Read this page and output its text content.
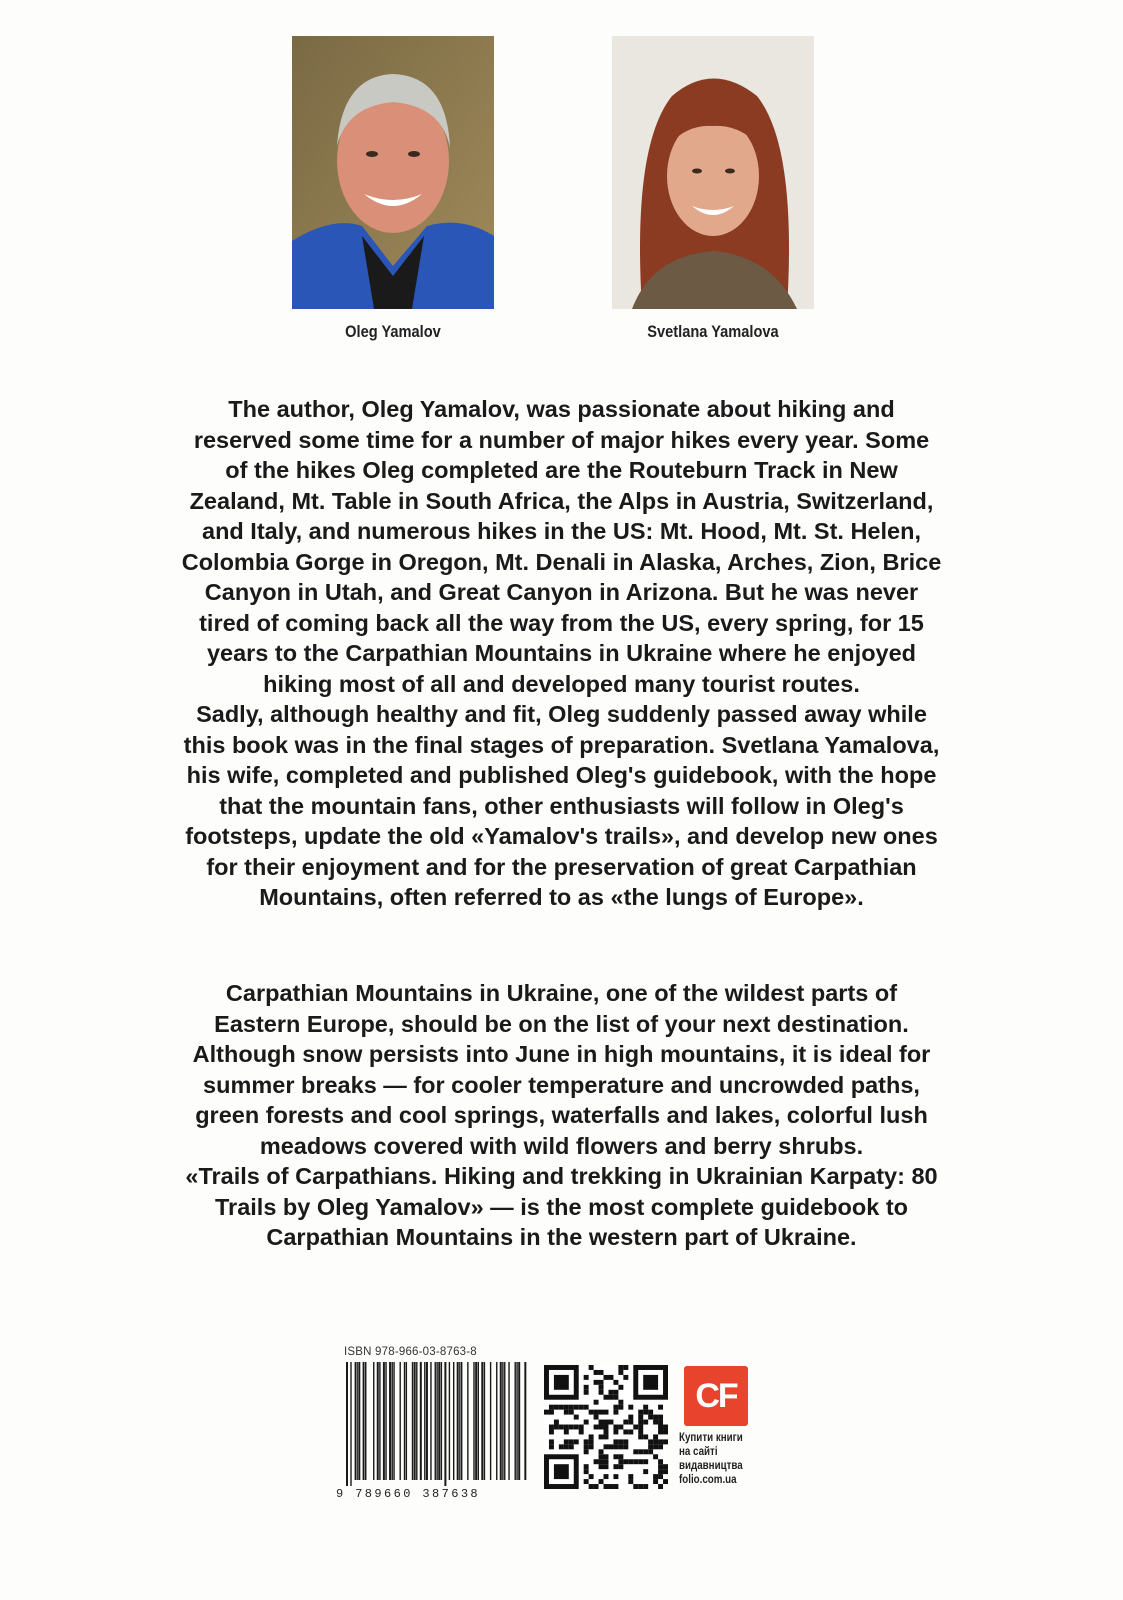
Oleg Yamalov	Svetlana Yamalova
The author, Oleg Yamalov, was passionate about hiking and
reserved some time for a number of major hikes every year. Some
of the hikes Oleg completed are the Routeburn Track in New
Zealand, Mt. Table in South Africa, the Alps in Austria, Switzerland,
and Italy, and numerous hikes in the US: Mt. Hood, Mt. St. Helen,
Colombia Gorge in Oregon, Mt. Denali in Alaska, Arches, Zion, Brice
Canyon in Utah, and Great Canyon in Arizona. But he was never
tired of coming back all the way from the US, every spring, for 15
years to the Carpathian Mountains in Ukraine where he enjoyed
hiking most of all and developed many tourist routes.
Sadly, although healthy and fit, Oleg suddenly passed away while
this book was in the final stages of preparation. Svetlana Yamalova,
his wife, completed and published Oleg's guidebook, with the hope
that the mountain fans, other enthusiasts will follow in Oleg's
footsteps, update the old «Yamalov's trails», and develop new ones
for their enjoyment and for the preservation of great Carpathian
Mountains, often referred to as «the lungs of Europe».
Carpathian Mountains in Ukraine, one of the wildest parts of
Eastern Europe, should be on the list of your next destination.
Although snow persists into June in high mountains, it is ideal for
summer breaks — for cooler temperature and uncrowded paths,
green forests and cool springs, waterfalls and lakes, colorful lush
meadows covered with wild flowers and berry shrubs.
«Trails of Carpathians. Hiking and trekking in Ukrainian Karpaty: 80
Trails by Oleg Yamalov» — is the most complete guidebook to
Carpathian Mountains in the western part of Ukraine.
ISBN 978-966-03-8763-8
9 789660 387638
CF
Купити книги
на сайті
видавництва
folio.com.ua
